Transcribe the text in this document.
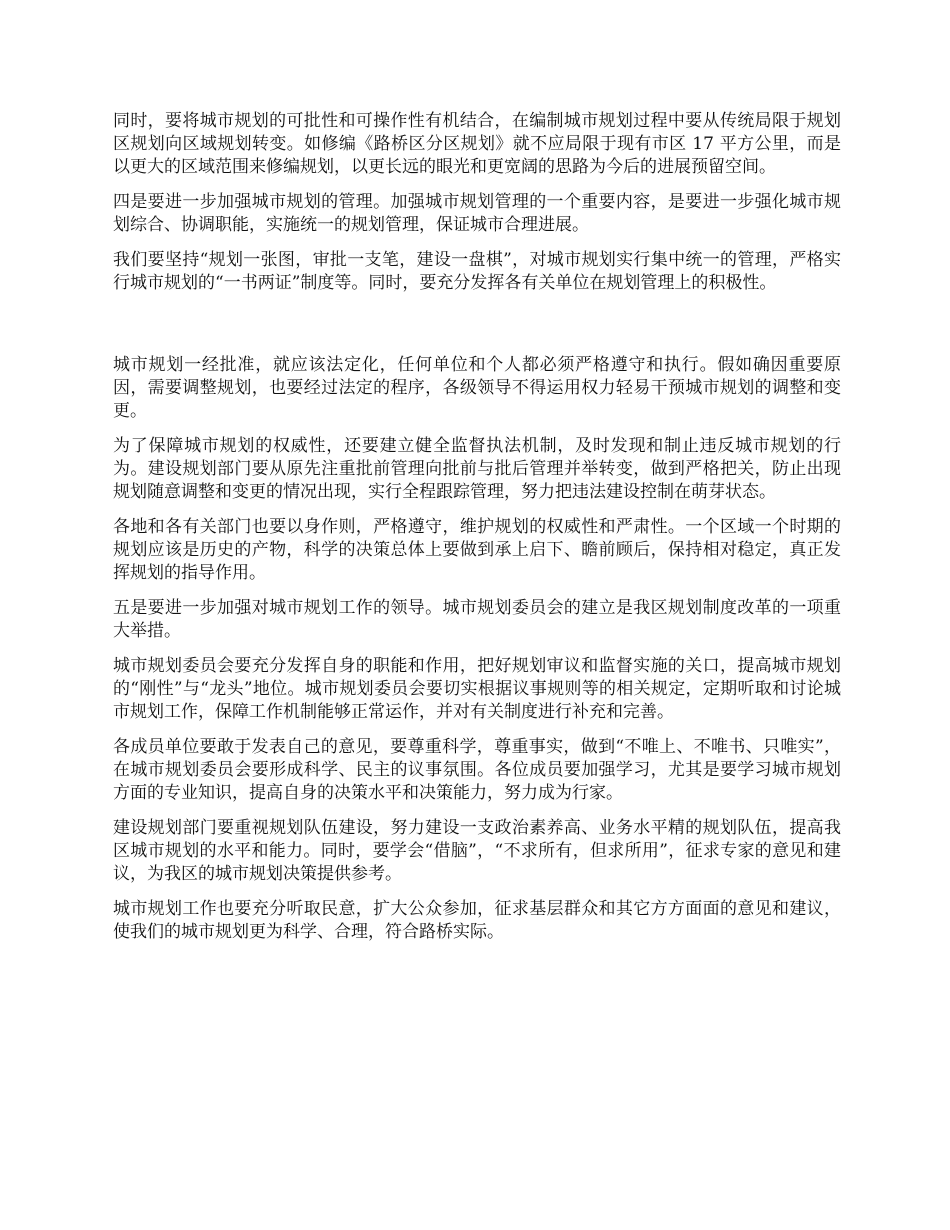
同时，要将城市规划的可批性和可操作性有机结合，在编制城市规划过程中要从传统局限于规划区规划向区域规划转变。如修编《路桥区分区规划》就不应局限于现有市区 17 平方公里，而是以更大的区域范围来修编规划，以更长远的眼光和更宽阔的思路为今后的进展预留空间。

四是要进一步加强城市规划的管理。加强城市规划管理的一个重要内容，是要进一步强化城市规划综合、协调职能，实施统一的规划管理，保证城市合理进展。

我们要坚持“规划一张图，审批一支笔，建设一盘棋”，对城市规划实行集中统一的管理，严格实行城市规划的“一书两证”制度等。同时，要充分发挥各有关单位在规划管理上的积极性。

城市规划一经批准，就应该法定化，任何单位和个人都必须严格遵守和执行。假如确因重要原因，需要调整规划，也要经过法定的程序，各级领导不得运用权力轻易干预城市规划的调整和变更。

为了保障城市规划的权威性，还要建立健全监督执法机制，及时发现和制止违反城市规划的行为。建设规划部门要从原先注重批前管理向批前与批后管理并举转变，做到严格把关，防止出现规划随意调整和变更的情况出现，实行全程跟踪管理，努力把违法建设控制在萌芽状态。

各地和各有关部门也要以身作则，严格遵守，维护规划的权威性和严肃性。一个区域一个时期的规划应该是历史的产物，科学的决策总体上要做到承上启下、瞻前顾后，保持相对稳定，真正发挥规划的指导作用。

五是要进一步加强对城市规划工作的领导。城市规划委员会的建立是我区规划制度改革的一项重大举措。

城市规划委员会要充分发挥自身的职能和作用，把好规划审议和监督实施的关口，提高城市规划的“刚性”与“龙头”地位。城市规划委员会要切实根据议事规则等的相关规定，定期听取和讨论城市规划工作，保障工作机制能够正常运作，并对有关制度进行补充和完善。

各成员单位要敢于发表自己的意见，要尊重科学，尊重事实，做到“不唯上、不唯书、只唯实”，在城市规划委员会要形成科学、民主的议事氛围。各位成员要加强学习，尤其是要学习城市规划方面的专业知识，提高自身的决策水平和决策能力，努力成为行家。

建设规划部门要重视规划队伍建设，努力建设一支政治素养高、业务水平精的规划队伍，提高我区城市规划的水平和能力。同时，要学会“借脑”，“不求所有，但求所用”，征求专家的意见和建议，为我区的城市规划决策提供参考。

城市规划工作也要充分听取民意，扩大公众参加，征求基层群众和其它方方面面的意见和建议，使我们的城市规划更为科学、合理，符合路桥实际。
